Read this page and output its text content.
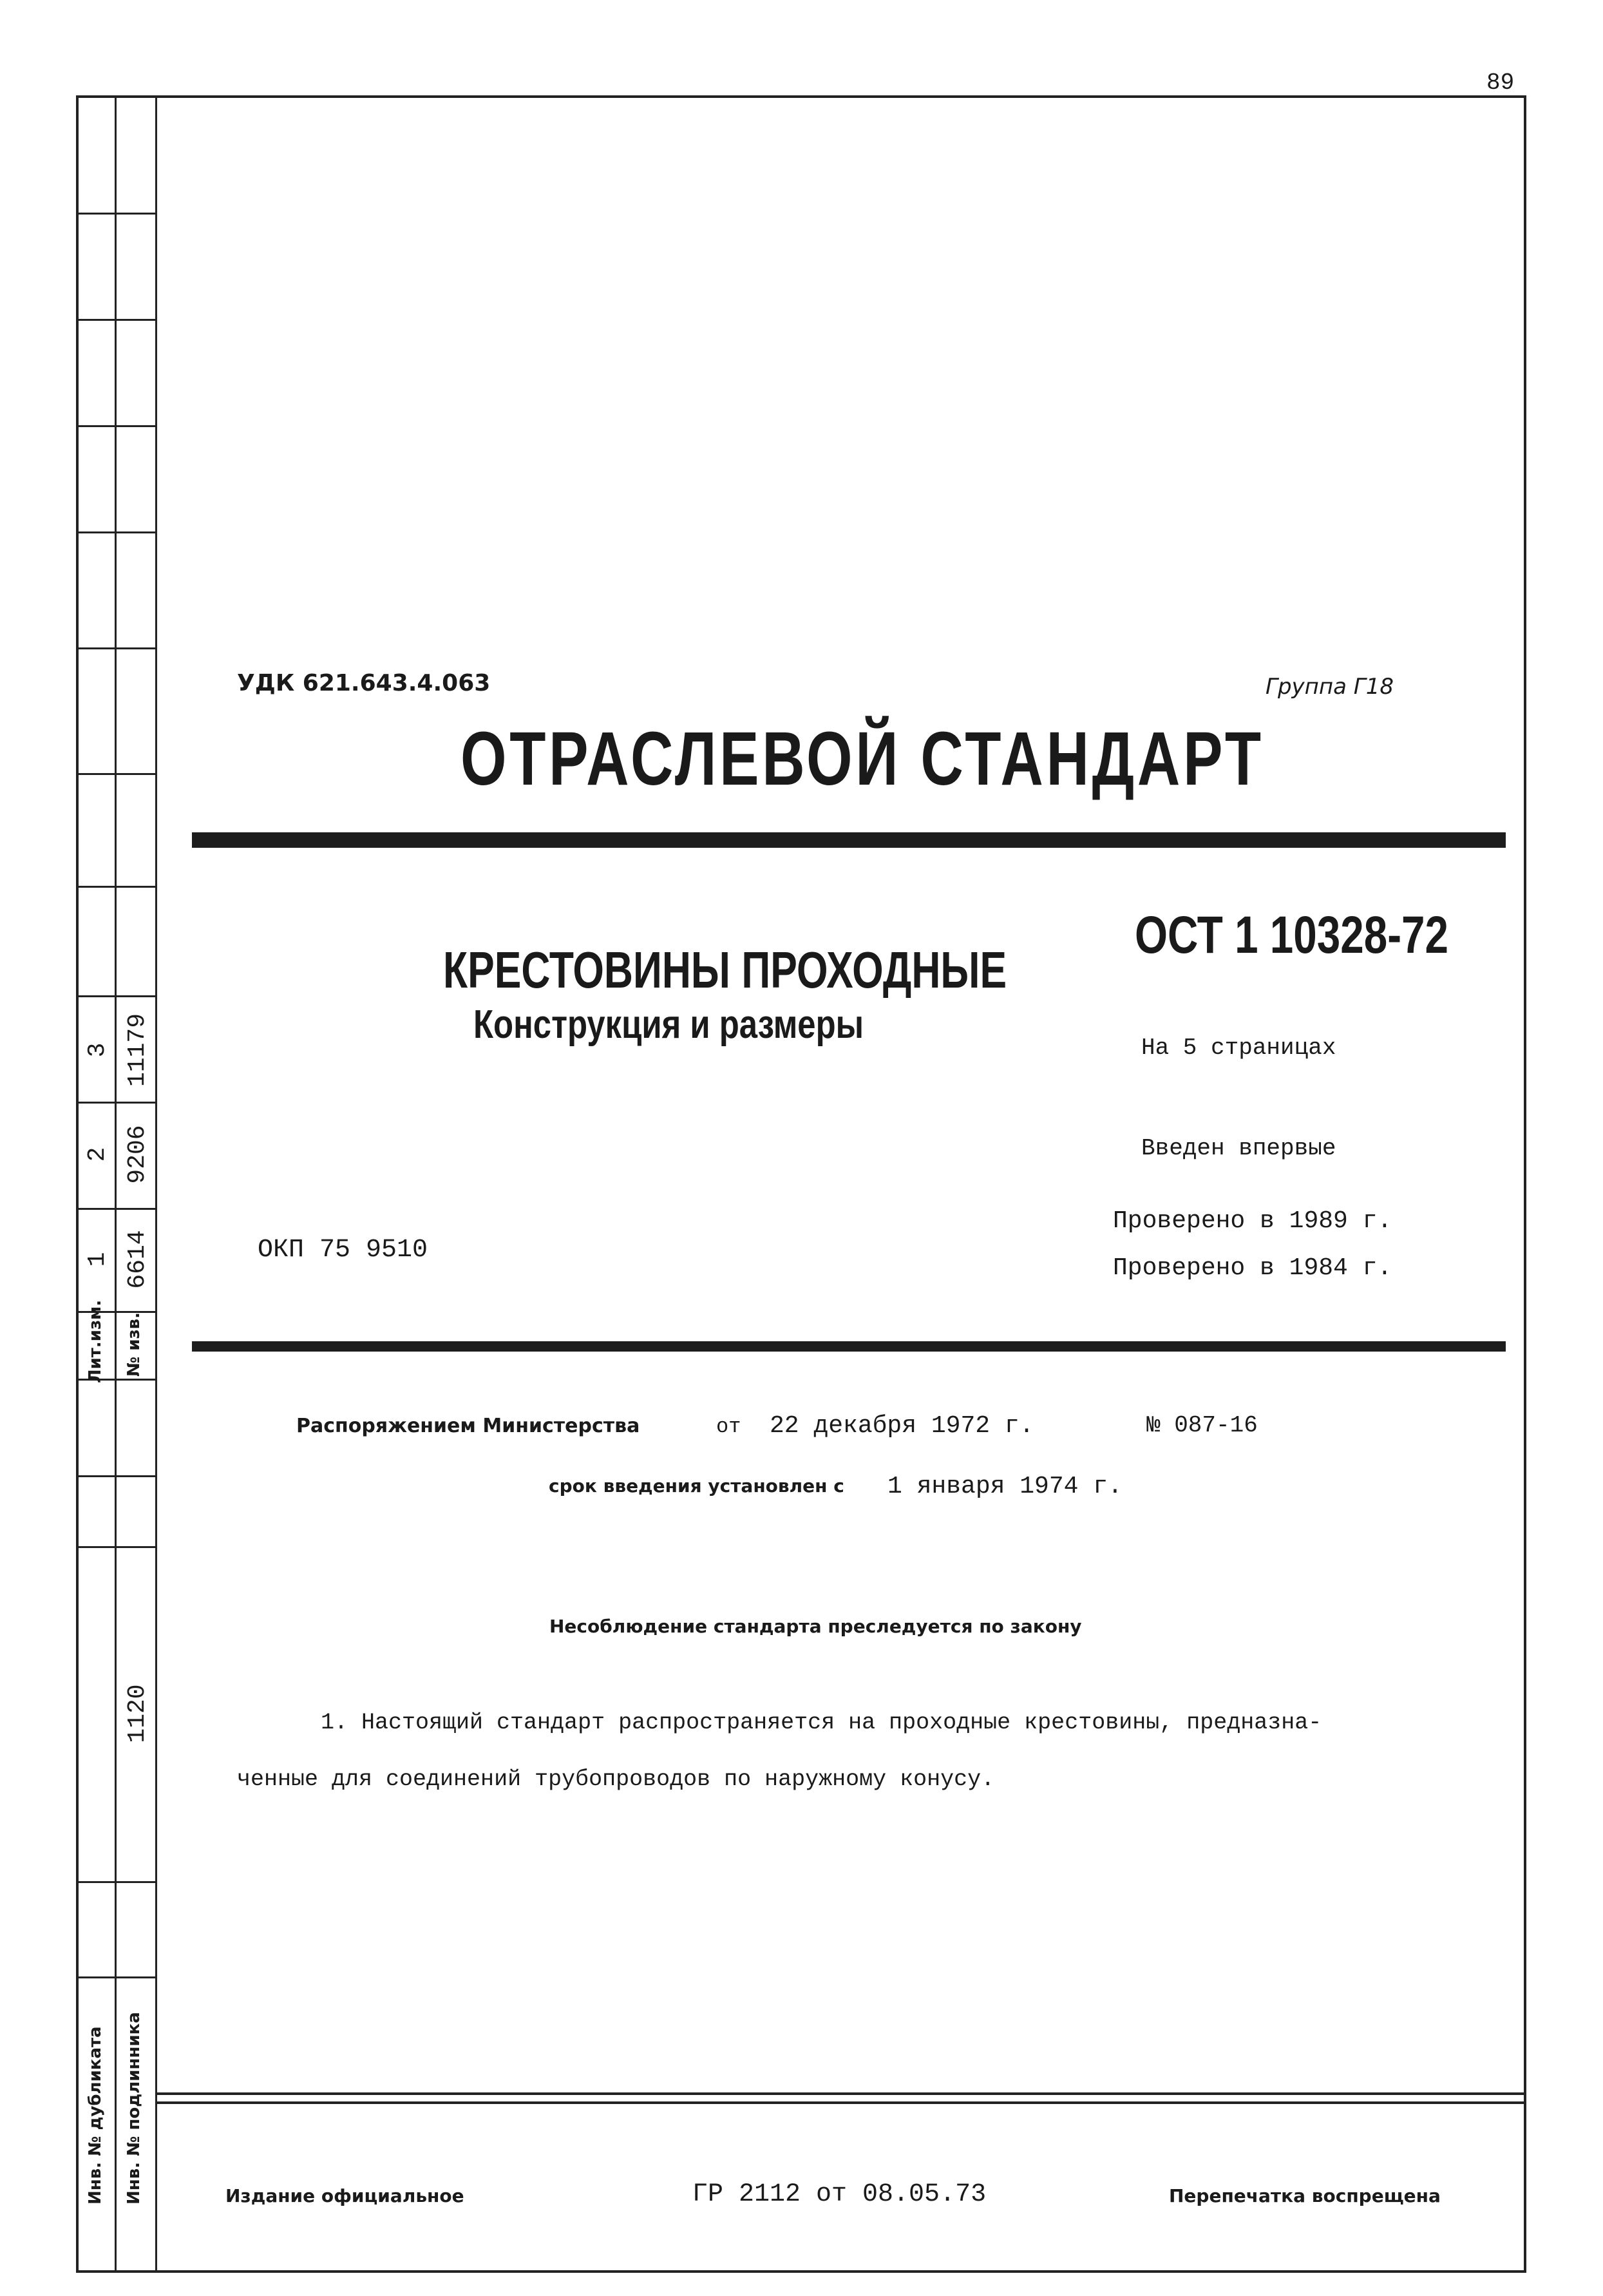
3 11179
2 9206
1 6614
Лит.изм. № изв.
1120
Инв. № дубликата Инв. № подлинника
89
УДК 621.643.4.063	Группа Г18
ОТРАСЛЕВОЙ СТАНДАРТ
ОСТ 1 10328-72
КРЕСТОВИНЫ ПРОХОДНЫЕ
Конструкция и размеры
На 5 страницах
Введен впервые
Проверено в 1989 г.
ОКП 75 9510
Проверено в 1984 г.
Распоряжением Министерства	от 22 декабря 1972 г.	№ 087-16
срок введения установлен с 1 января 1974 г.
Несоблюдение стандарта преследуется по закону
1. Настоящий стандарт распространяется на проходные крестовины, предназна-
ченные для соединений трубопроводов по наружному конусу.
Издание официальное	ГР 2112 от 08.05.73	Перепечатка воспрещена
